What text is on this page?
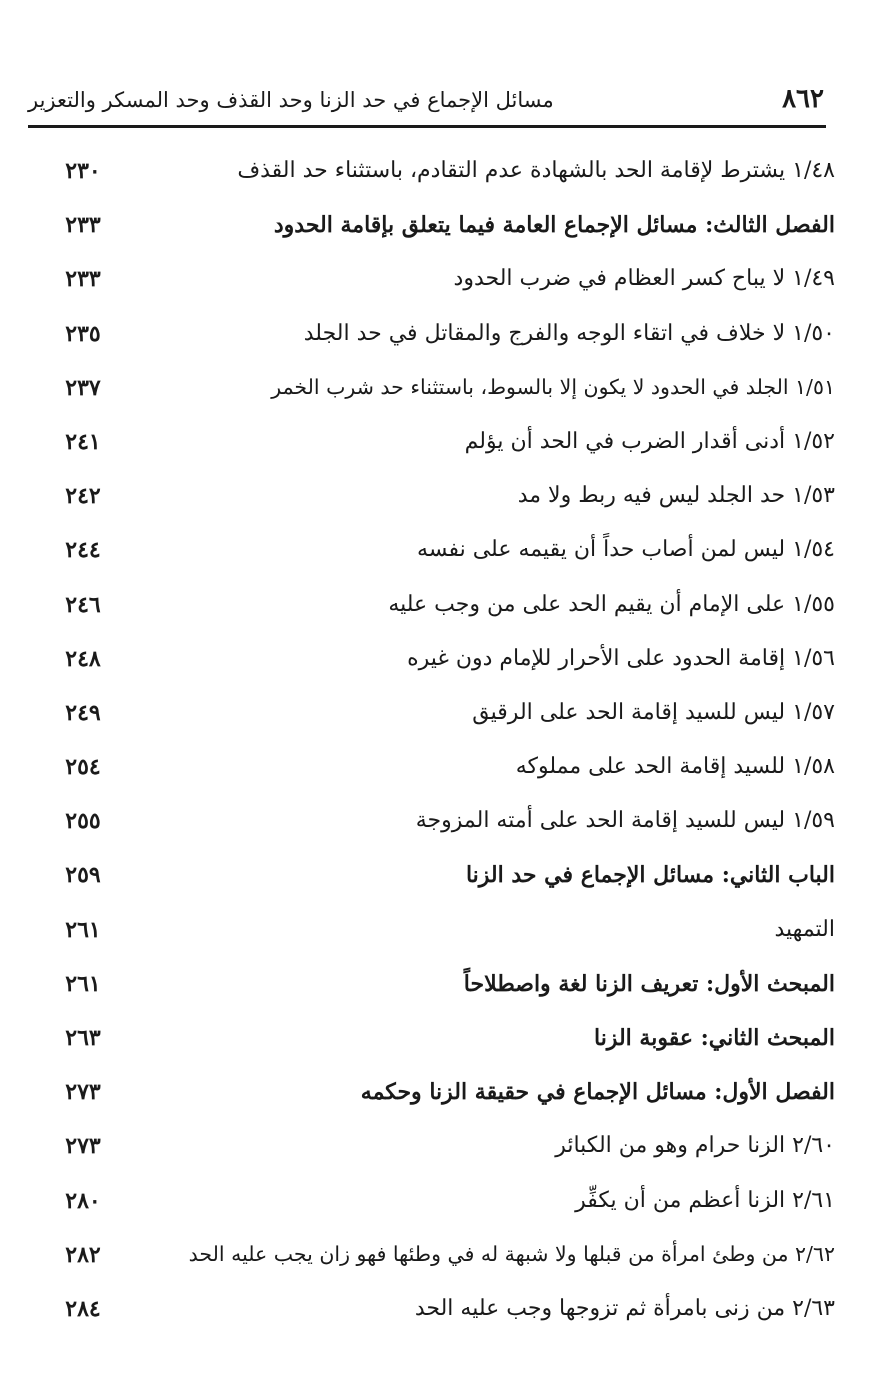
٨٦٢
مسائل الإجماع في حد الزنا وحد القذف وحد المسكر والتعزير
١/٤٨ يشترط لإقامة الحد بالشهادة عدم التقادم، باستثناء حد القذف
٢٣٠
الفصل الثالث: مسائل الإجماع العامة فيما يتعلق بإقامة الحدود
٢٣٣
١/٤٩ لا يباح كسر العظام في ضرب الحدود
٢٣٣
١/٥٠ لا خلاف في اتقاء الوجه والفرج والمقاتل في حد الجلد
٢٣٥
١/٥١ الجلد في الحدود لا يكون إلا بالسوط، باستثناء حد شرب الخمر
٢٣٧
١/٥٢ أدنى أقدار الضرب في الحد أن يؤلم
٢٤١
١/٥٣ حد الجلد ليس فيه ربط ولا مد
٢٤٢
١/٥٤ ليس لمن أصاب حداً أن يقيمه على نفسه
٢٤٤
١/٥٥ على الإمام أن يقيم الحد على من وجب عليه
٢٤٦
١/٥٦ إقامة الحدود على الأحرار للإمام دون غيره
٢٤٨
١/٥٧ ليس للسيد إقامة الحد على الرقيق
٢٤٩
١/٥٨ للسيد إقامة الحد على مملوكه
٢٥٤
١/٥٩ ليس للسيد إقامة الحد على أمته المزوجة
٢٥٥
الباب الثاني: مسائل الإجماع في حد الزنا
٢٥٩
التمهيد
٢٦١
المبحث الأول: تعريف الزنا لغة واصطلاحاً
٢٦١
المبحث الثاني: عقوبة الزنا
٢٦٣
الفصل الأول: مسائل الإجماع في حقيقة الزنا وحكمه
٢٧٣
٢/٦٠ الزنا حرام وهو من الكبائر
٢٧٣
٢/٦١ الزنا أعظم من أن يكفِّر
٢٨٠
٢/٦٢ من وطئ امرأة من قبلها ولا شبهة له في وطئها فهو زان يجب عليه الحد
٢٨٢
٢/٦٣ من زنى بامرأة ثم تزوجها وجب عليه الحد
٢٨٤
